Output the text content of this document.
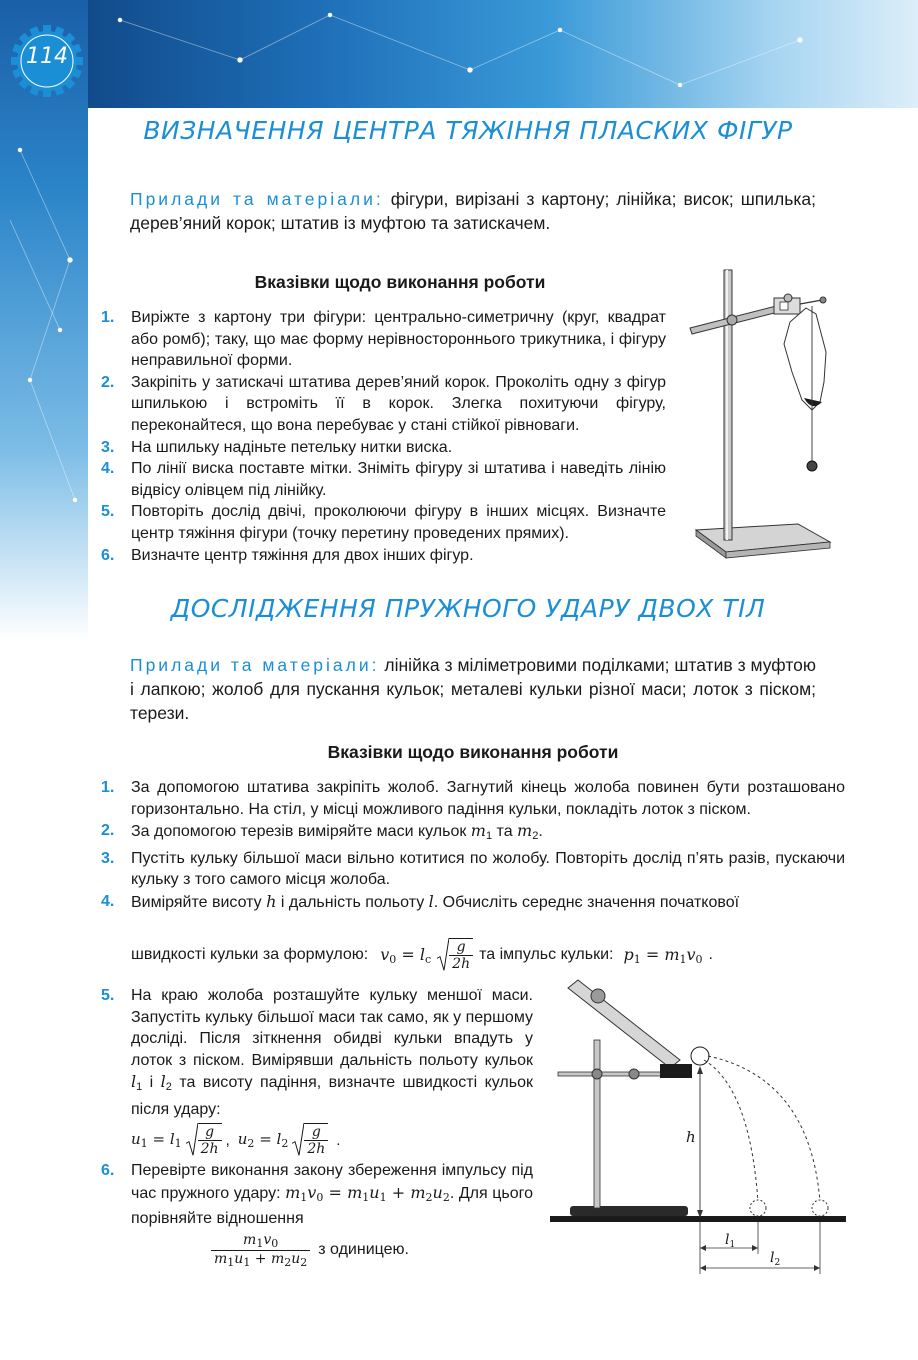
114
ВИЗНАЧЕННЯ ЦЕНТРА ТЯЖІННЯ ПЛАСКИХ ФІГУР
Прилади та матеріали: фігури, вирізані з картону; лінійка; висок; шпилька; дерев’яний корок; штатив із муфтою та затискачем.
Вказівки щодо виконання роботи
1. Виріжте з картону три фігури: центрально-симетричну (круг, квадрат або ромб); таку, що має форму нерівностороннього трикутника, і фігуру неправильної форми.
2. Закріпіть у затискачі штатива дерев’яний корок. Проколіть одну з фігур шпилькою і встроміть її в корок. Злегка похитуючи фігуру, переконайтеся, що вона перебуває у стані стійкої рівноваги.
3. На шпильку надіньте петельку нитки виска.
4. По лінії виска поставте мітки. Зніміть фігуру зі штатива і наведіть лінію відвісу олівцем під лінійку.
5. Повторіть дослід двічі, проколюючи фігуру в інших місцях. Визначте центр тяжіння фігури (точку перетину проведених прямих).
6. Визначте центр тяжіння для двох інших фігур.
ДОСЛІДЖЕННЯ ПРУЖНОГО УДАРУ ДВОХ ТІЛ
Прилади та матеріали: лінійка з міліметровими поділками; штатив з муфтою і лапкою; жолоб для пускання кульок; металеві кульки різної маси; лоток з піском; терези.
Вказівки щодо виконання роботи
1. За допомогою штатива закріпіть жолоб. Загнутий кінець жолоба повинен бути розташовано горизонтально. На стіл, у місці можливого падіння кульки, покладіть лоток з піском.
2. За допомогою терезів виміряйте маси кульок $m_1$ та $m_2$.
3. Пустіть кульку більшої маси вільно котитися по жолобу. Повторіть дослід п’ять разів, пускаючи кульку з того самого місця жолоба.
4. Виміряйте висоту h і дальність польоту l. Обчисліть середнє значення початкової
швидкості кульки за формулою: $v_0 = l_c \frac{g}{2h}$ та імпульс кульки: $p_1 = m_1v_0$ .
5. На краю жолоба розташуйте кульку меншої маси. Запустіть кульку більшої маси так само, як у першому досліді. Після зіткнення обидві кульки впадуть у лоток з піском. Вимірявши дальність польоту кульок $l_1$ і $l_2$ та висоту падіння, визначте швидкості кульок після удару:
$u_1 = l_1 \frac{g}{2h}$ , $u_2 = l_2 \frac{g}{2h}$ .
6. Перевірте виконання закону збереження імпульсу під час пружного удару: $m_1v_0 = m_1u_1 + m_2u_2$. Для цього порівняйте відношення
$\frac{m_1v_0}{m_1u_1 + m_2u_2}$ з одиницею.
h
$l_1$
$l_2$
